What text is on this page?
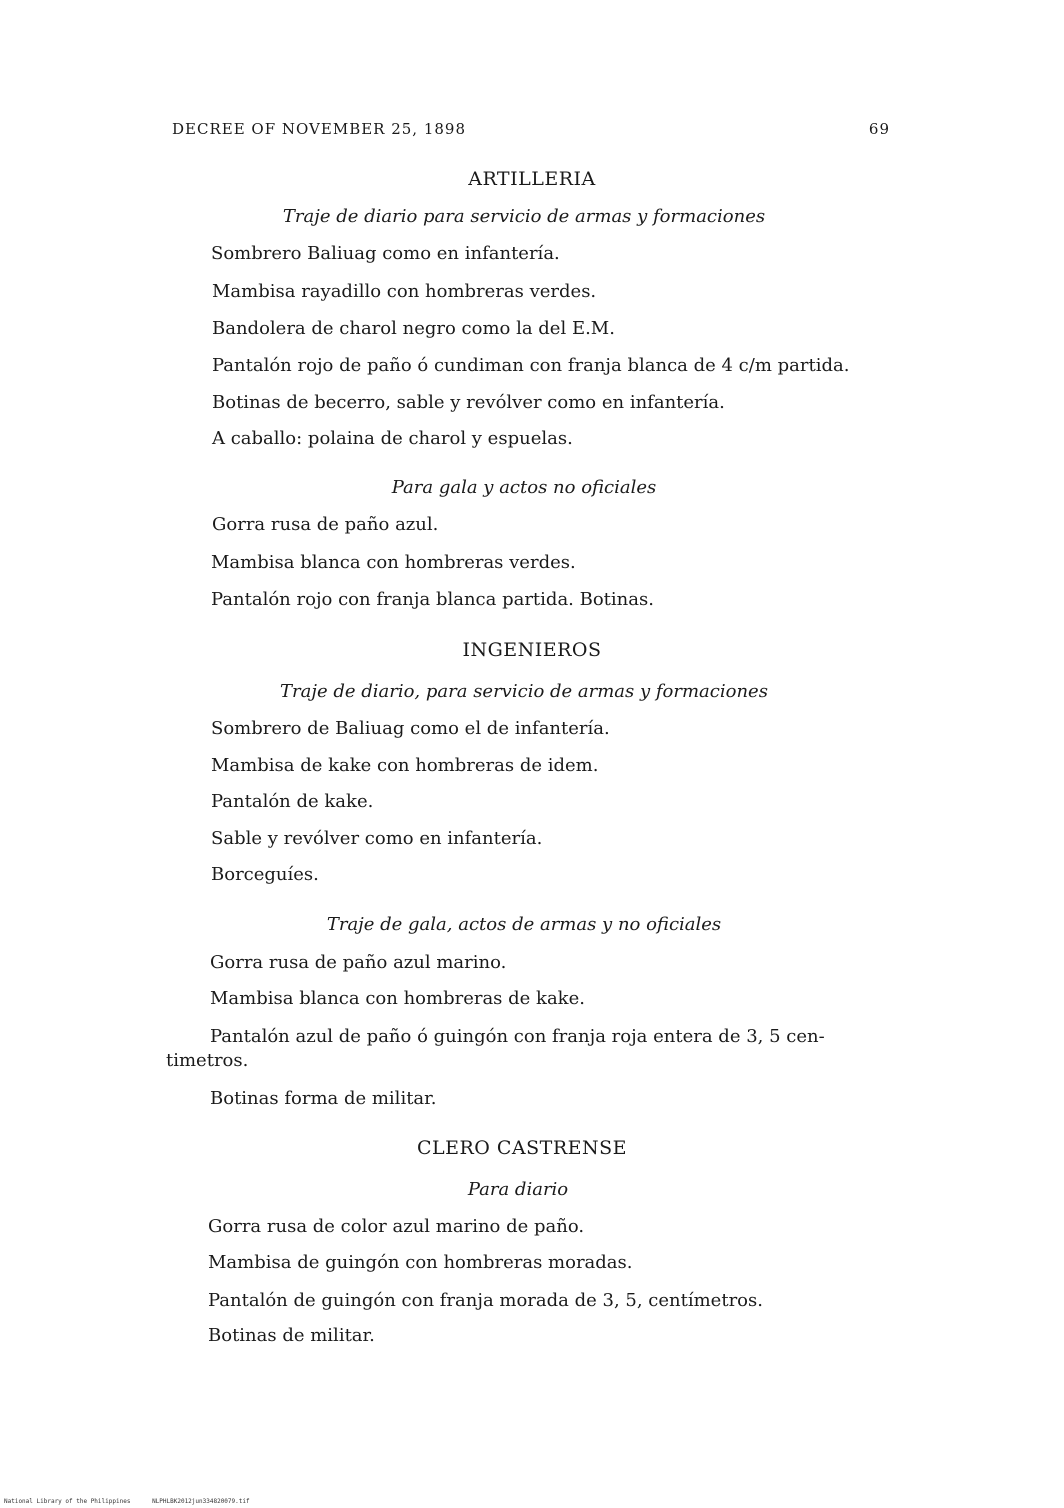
DECREE OF NOVEMBER 25, 1898	69
ARTILLERIA
Traje de diario para servicio de armas y formaciones
Sombrero Baliuag como en infantería.
Mambisa rayadillo con hombreras verdes.
Bandolera de charol negro como la del E.M.
Pantalón rojo de paño ó cundiman con franja blanca de 4 c/m partida.
Botinas de becerro, sable y revólver como en infantería.
A caballo: polaina de charol y espuelas.
Para gala y actos no oficiales
Gorra rusa de paño azul.
Mambisa blanca con hombreras verdes.
Pantalón rojo con franja blanca partida. Botinas.
INGENIEROS
Traje de diario, para servicio de armas y formaciones
Sombrero de Baliuag como el de infantería.
Mambisa de kake con hombreras de idem.
Pantalón de kake.
Sable y revólver como en infantería.
Borceguíes.
Traje de gala, actos de armas y no oficiales
Gorra rusa de paño azul marino.
Mambisa blanca con hombreras de kake.
Pantalón azul de paño ó guingón con franja roja entera de 3, 5 cen-
timetros.
Botinas forma de militar.
CLERO CASTRENSE
Para diario
Gorra rusa de color azul marino de paño.
Mambisa de guingón con hombreras moradas.
Pantalón de guingón con franja morada de 3, 5, centímetros.
Botinas de militar.
National Library of the Philippines	NLPHLBK2012jun334820079.tif
